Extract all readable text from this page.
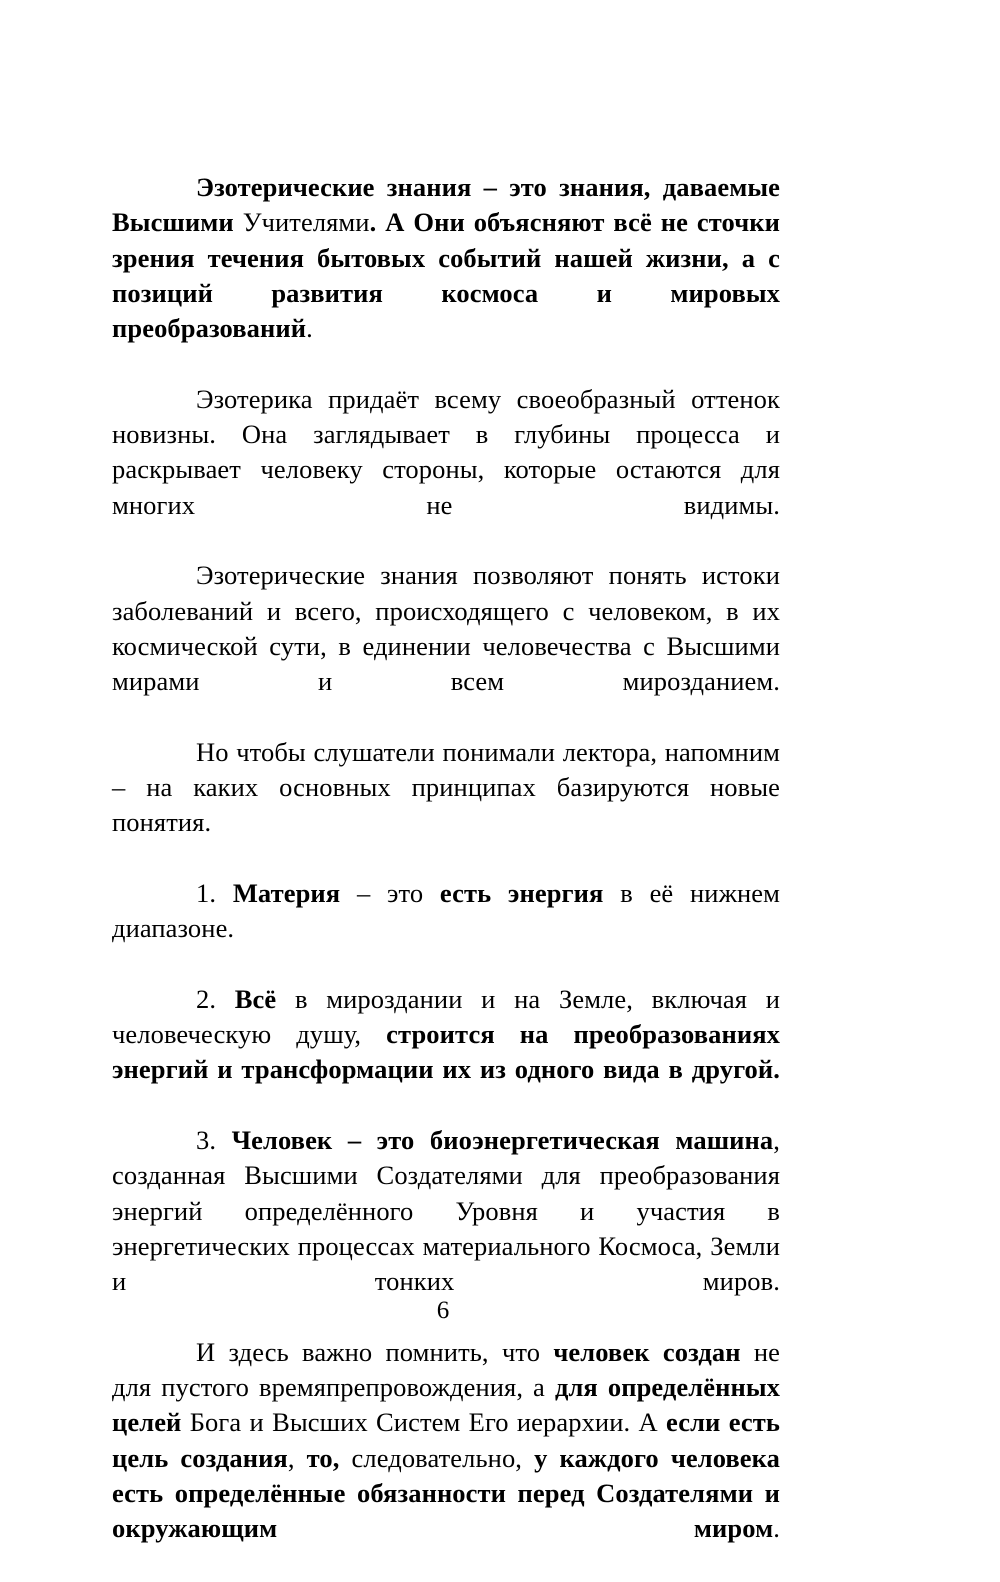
Эзотерические знания – это знания, даваемые Высшими Учителями. А Они объясняют всё не сточки зрения течения бытовых событий нашей жизни, а с позиций развития космоса и мировых преобразований.

Эзотерика придаёт всему своеобразный оттенок новизны. Она заглядывает в глубины процесса и раскрывает человеку стороны, которые остаются для многих не видимы.

Эзотерические знания позволяют понять истоки заболеваний и всего, происходящего с человеком, в их космической сути, в единении человечества с Высшими мирами и всем мирозданием.

Но чтобы слушатели понимали лектора, напомним – на каких основных принципах базируются новые понятия.

1. Материя – это есть энергия в её нижнем диапазоне.

2. Всё в мироздании и на Земле, включая и человеческую душу, строится на преобразованиях энергий и трансформации их из одного вида в другой.

3. Человек – это биоэнергетическая машина, созданная Высшими Создателями для преобразования энергий определённого Уровня и участия в энергетических процессах материального Космоса, Земли и тонких миров.

И здесь важно помнить, что человек создан не для пустого времяпрепровождения, а для определённых целей Бога и Высших Систем Его иерархии. А если есть цель создания, то, следовательно, у каждого человека есть определённые обязанности перед Создателями и окружающим миром.

6
